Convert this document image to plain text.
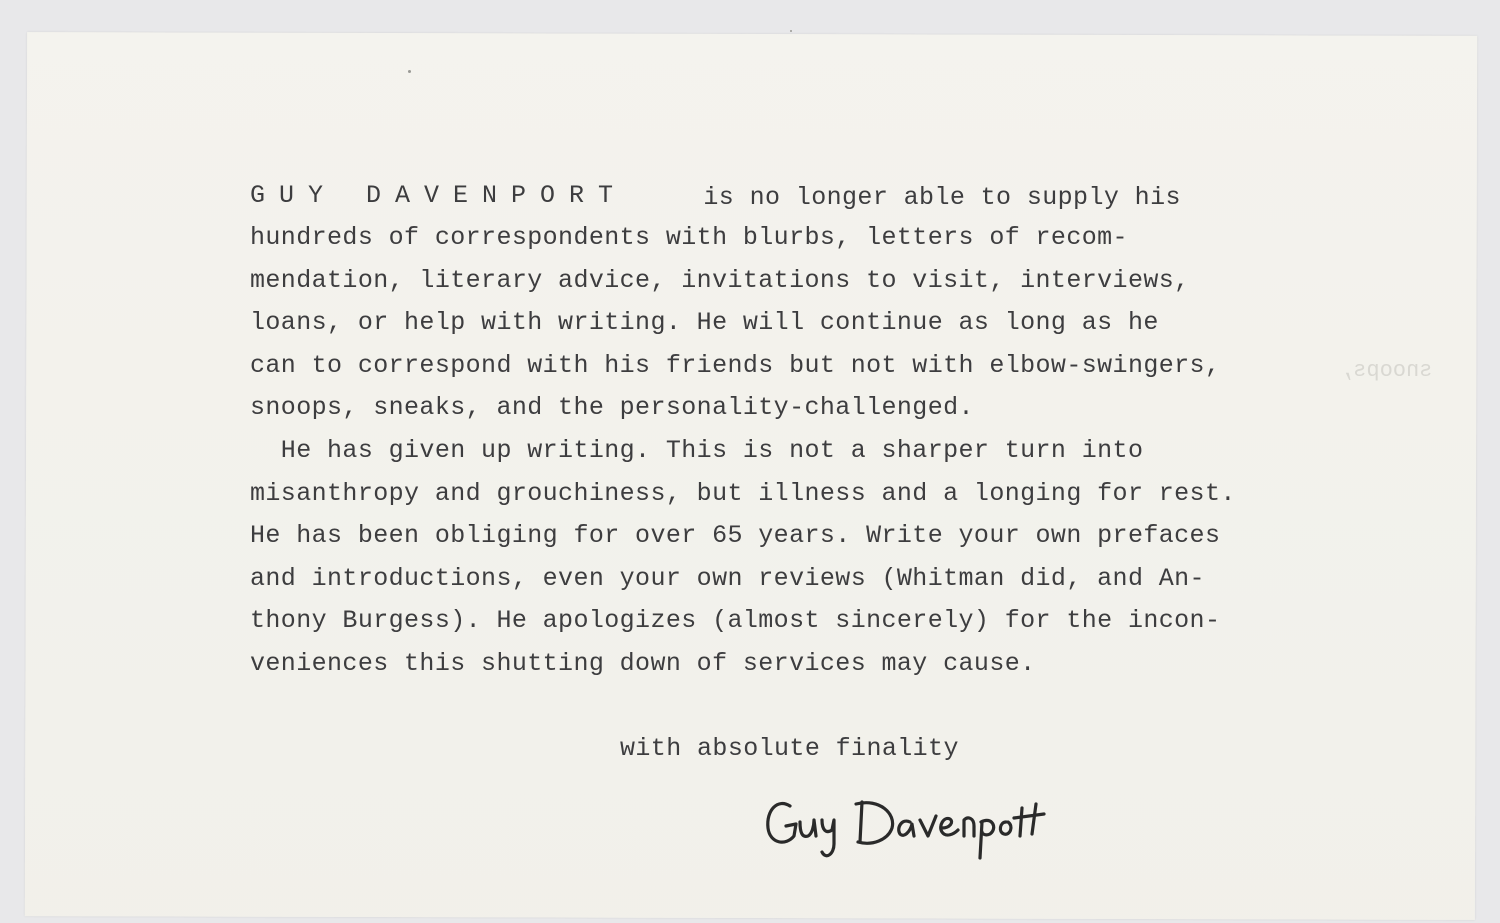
GUY DAVENPORT is no longer able to supply his
hundreds of correspondents with blurbs, letters of recom-
mendation, literary advice, invitations to visit, interviews,
loans, or help with writing. He will continue as long as he
can to correspond with his friends but not with elbow-swingers,
snoops, sneaks, and the personality-challenged.
snoops,
He has given up writing. This is not a sharper turn into
misanthropy and grouchiness, but illness and a longing for rest.
He has been obliging for over 65 years. Write your own prefaces
and introductions, even your own reviews (Whitman did, and An-
thony Burgess). He apologizes (almost sincerely) for the incon-
veniences this shutting down of services may cause.
with absolute finality
